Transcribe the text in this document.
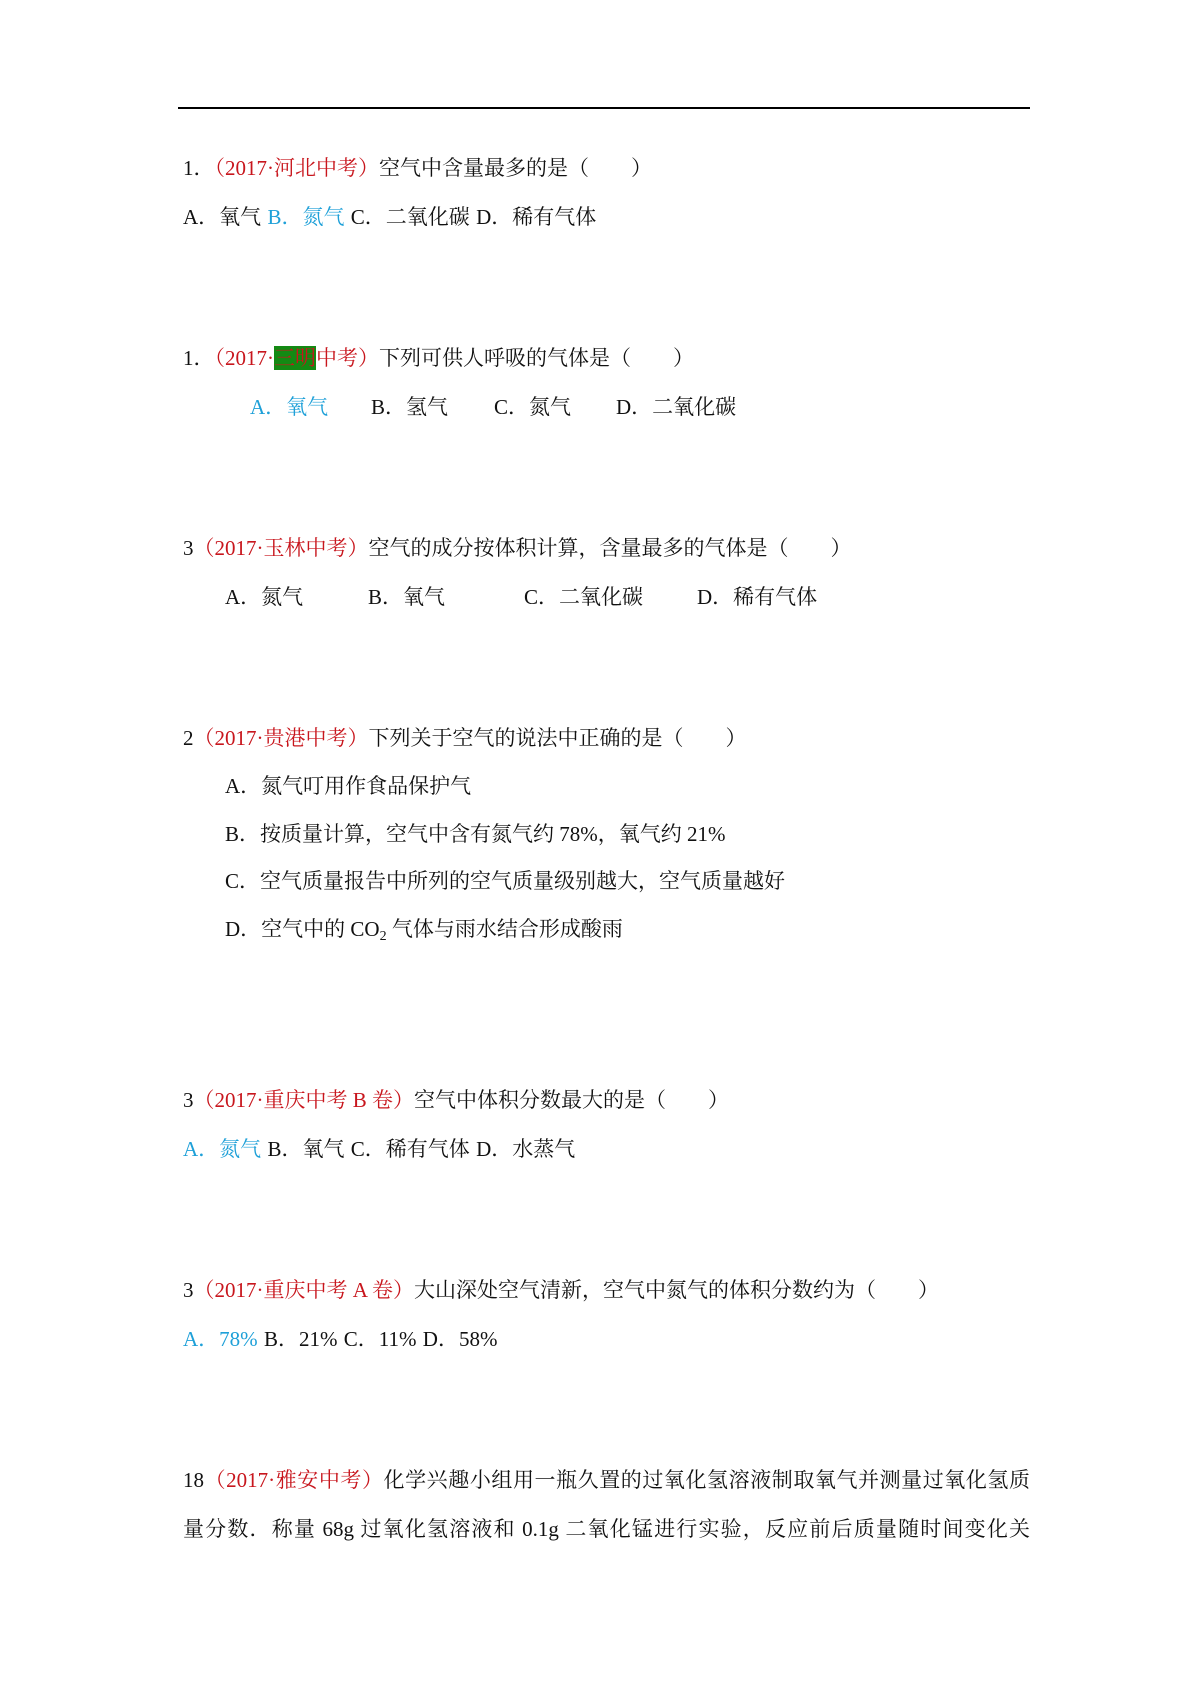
1．（2017·河北中考）空气中含量最多的是（　　）
A．氧气 B．氮气 C．二氧化碳 D．稀有气体
1．（2017·三明中考）下列可供人呼吸的气体是（　　）
A．氧气 B．氢气 C．氮气 D．二氧化碳
3（2017·玉林中考）空气的成分按体积计算，含量最多的气体是（　　）
A．氮气	B．氧气	C．二氧化碳	D．稀有气体
2（2017·贵港中考）下列关于空气的说法中正确的是（　　）
A．氮气叮用作食品保护气
B．按质量计算，空气中含有氮气约 78%，氧气约 21%
C．空气质量报告中所列的空气质量级别越大，空气质量越好
D．空气中的 $CO_2$ 气体与雨水结合形成酸雨
3（2017·重庆中考 B 卷）空气中体积分数最大的是（　　）
A．氮气 B．氧气 C．稀有气体 D．水蒸气
3（2017·重庆中考 A 卷）大山深处空气清新，空气中氮气的体积分数约为（　　）
A．78% B．21% C．11% D．58%
18（2017·雅安中考）化学兴趣小组用一瓶久置的过氧化氢溶液制取氧气并测量过氧化氢质
量分数．称量 68g 过氧化氢溶液和 0.1g 二氧化锰进行实验，反应前后质量随时间变化关
